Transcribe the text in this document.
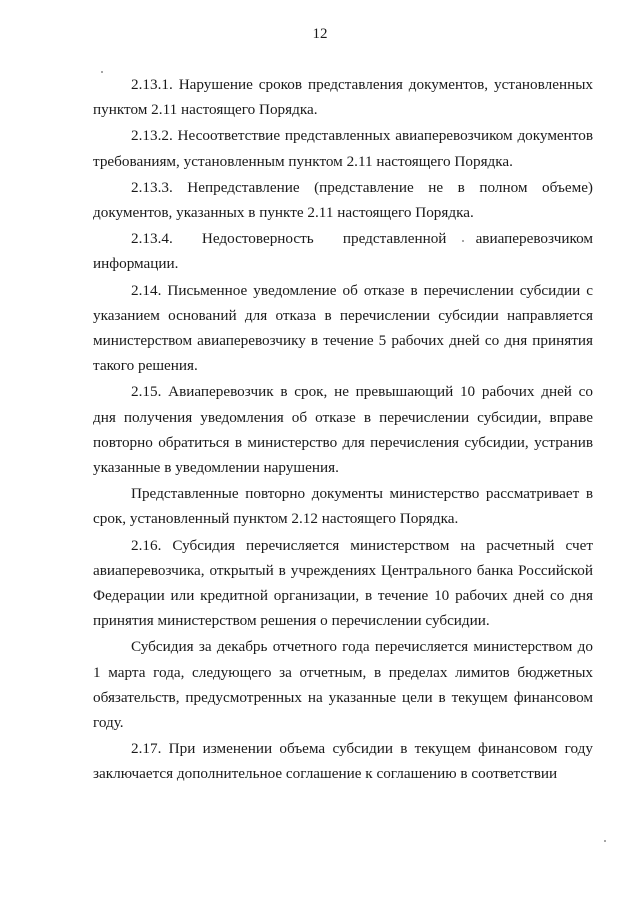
12

2.13.1. Нарушение сроков представления документов, установленных пунктом 2.11 настоящего Порядка.

2.13.2. Несоответствие представленных авиаперевозчиком документов требованиям, установленным пунктом 2.11 настоящего Порядка.

2.13.3. Непредставление (представление не в полном объеме) документов, указанных в пункте 2.11 настоящего Порядка.

2.13.4. Недостоверность представленной авиаперевозчиком
информации.

2.14. Письменное уведомление об отказе в перечислении субсидии с указанием оснований для отказа в перечислении субсидии направляется министерством авиаперевозчику в течение 5 рабочих дней со дня принятия такого решения.

2.15. Авиаперевозчик в срок, не превышающий 10 рабочих дней со дня получения уведомления об отказе в перечислении субсидии, вправе повторно обратиться в министерство для перечисления субсидии, устранив указанные в уведомлении нарушения.

Представленные повторно документы министерство рассматривает в срок, установленный пунктом 2.12 настоящего Порядка.

2.16. Субсидия перечисляется министерством на расчетный счет авиаперевозчика, открытый в учреждениях Центрального банка Российской Федерации или кредитной организации, в течение 10 рабочих дней со дня принятия министерством решения о перечислении субсидии.

Субсидия за декабрь отчетного года перечисляется министерством до 1 марта года, следующего за отчетным, в пределах лимитов бюджетных обязательств, предусмотренных на указанные цели в текущем финансовом году.

2.17. При изменении объема субсидии в текущем финансовом году заключается дополнительное соглашение к соглашению в соответствии
